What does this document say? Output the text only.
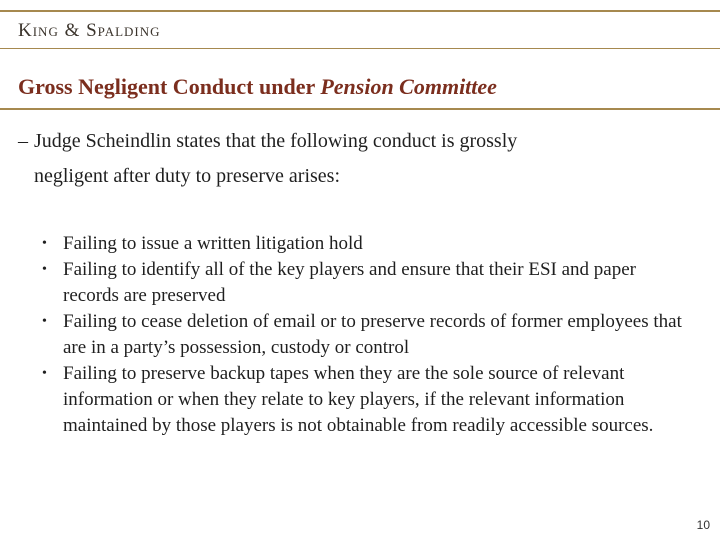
King & Spalding
Gross Negligent Conduct under Pension Committee
– Judge Scheindlin states that the following conduct is grossly
negligent after duty to preserve arises:
• Failing to issue a written litigation hold
• Failing to identify all of the key players and ensure that their ESI and paper records are preserved
• Failing to cease deletion of email or to preserve records of former employees that are in a party’s possession, custody or control
• Failing to preserve backup tapes when they are the sole source of relevant information or when they relate to key players, if the relevant information maintained by those players is not obtainable from readily accessible sources.
10
